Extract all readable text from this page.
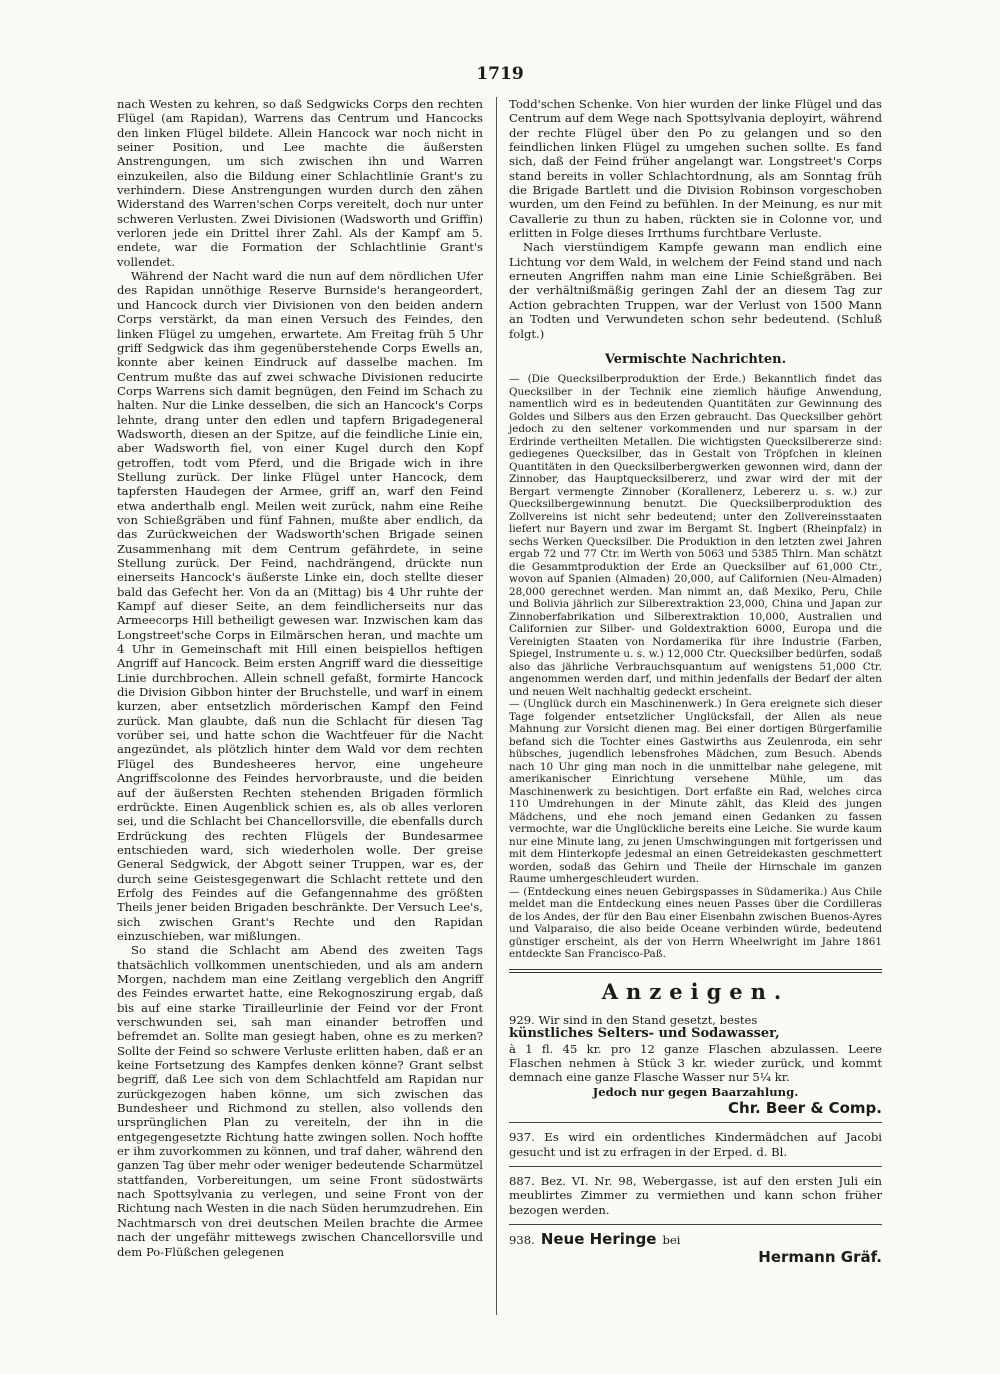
1719

nach Westen zu kehren, so daß Sedgwicks Corps den rechten Flügel (am Rapidan), Warrens das Centrum und Hancocks den linken Flügel bildete. Allein Hancock war noch nicht in seiner Position, und Lee machte die äußersten Anstrengungen, um sich zwischen ihn und Warren einzukeilen, also die Bildung einer Schlachtlinie Grant's zu verhindern. Diese Anstrengungen wurden durch den zähen Widerstand des Warren'schen Corps vereitelt, doch nur unter schweren Verlusten. Zwei Divisionen (Wadsworth und Griffin) verloren jede ein Drittel ihrer Zahl. Als der Kampf am 5. endete, war die Formation der Schlachtlinie Grant's vollendet.

Während der Nacht ward die nun auf dem nördlichen Ufer des Rapidan unnöthige Reserve Burnside's herangeordert, und Hancock durch vier Divisionen von den beiden andern Corps verstärkt, da man einen Versuch des Feindes, den linken Flügel zu umgehen, erwartete. Am Freitag früh 5 Uhr griff Sedgwick das ihm gegenüberstehende Corps Ewells an, konnte aber keinen Eindruck auf dasselbe machen. Im Centrum mußte das auf zwei schwache Divisionen reducirte Corps Warrens sich damit begnügen, den Feind im Schach zu halten. Nur die Linke desselben, die sich an Hancock's Corps lehnte, drang unter den edlen und tapfern Brigadegeneral Wadsworth, diesen an der Spitze, auf die feindliche Linie ein, aber Wadsworth fiel, von einer Kugel durch den Kopf getroffen, todt vom Pferd, und die Brigade wich in ihre Stellung zurück. Der linke Flügel unter Hancock, dem tapfersten Haudegen der Armee, griff an, warf den Feind etwa anderthalb engl. Meilen weit zurück, nahm eine Reihe von Schießgräben und fünf Fahnen, mußte aber endlich, da das Zurückweichen der Wadsworth'schen Brigade seinen Zusammenhang mit dem Centrum gefährdete, in seine Stellung zurück. Der Feind, nachdrängend, drückte nun einerseits Hancock's äußerste Linke ein, doch stellte dieser bald das Gefecht her. Von da an (Mittag) bis 4 Uhr ruhte der Kampf auf dieser Seite, an dem feindlicherseits nur das Armeecorps Hill betheiligt gewesen war. Inzwischen kam das Longstreet'sche Corps in Eilmärschen heran, und machte um 4 Uhr in Gemeinschaft mit Hill einen beispiellos heftigen Angriff auf Hancock. Beim ersten Angriff ward die diesseitige Linie durchbrochen. Allein schnell gefaßt, formirte Hancock die Division Gibbon hinter der Bruchstelle, und warf in einem kurzen, aber entsetzlich mörderischen Kampf den Feind zurück. Man glaubte, daß nun die Schlacht für diesen Tag vorüber sei, und hatte schon die Wachtfeuer für die Nacht angezündet, als plötzlich hinter dem Wald vor dem rechten Flügel des Bundesheeres hervor, eine ungeheure Angriffscolonne des Feindes hervorbrauste, und die beiden auf der äußersten Rechten stehenden Brigaden förmlich erdrückte. Einen Augenblick schien es, als ob alles verloren sei, und die Schlacht bei Chancellorsville, die ebenfalls durch Erdrückung des rechten Flügels der Bundesarmee entschieden ward, sich wiederholen wolle. Der greise General Sedgwick, der Abgott seiner Truppen, war es, der durch seine Geistesgegenwart die Schlacht rettete und den Erfolg des Feindes auf die Gefangennahme des größten Theils jener beiden Brigaden beschränkte. Der Versuch Lee's, sich zwischen Grant's Rechte und den Rapidan einzuschieben, war mißlungen.

So stand die Schlacht am Abend des zweiten Tags thatsächlich vollkommen unentschieden, und als am andern Morgen, nachdem man eine Zeitlang vergeblich den Angriff des Feindes erwartet hatte, eine Rekognoszirung ergab, daß bis auf eine starke Tirailleurlinie der Feind vor der Front verschwunden sei, sah man einander betroffen und befremdet an. Sollte man gesiegt haben, ohne es zu merken? Sollte der Feind so schwere Verluste erlitten haben, daß er an keine Fortsetzung des Kampfes denken könne? Grant selbst begriff, daß Lee sich von dem Schlachtfeld am Rapidan nur zurückgezogen haben könne, um sich zwischen das Bundesheer und Richmond zu stellen, also vollends den ursprünglichen Plan zu vereiteln, der ihn in die entgegengesetzte Richtung hatte zwingen sollen. Noch hoffte er ihm zuvorkommen zu können, und traf daher, während den ganzen Tag über mehr oder weniger bedeutende Scharmützel stattfanden, Vorbereitungen, um seine Front südostwärts nach Spottsylvania zu verlegen, und seine Front von der Richtung nach Westen in die nach Süden herumzudrehen. Ein Nachtmarsch von drei deutschen Meilen brachte die Armee nach der ungefähr mittewegs zwischen Chancellorsville und dem Po-Flüßchen gelegenen

Todd'schen Schenke. Von hier wurden der linke Flügel und das Centrum auf dem Wege nach Spottsylvania deployirt, während der rechte Flügel über den Po zu gelangen und so den feindlichen linken Flügel zu umgehen suchen sollte. Es fand sich, daß der Feind früher angelangt war. Longstreet's Corps stand bereits in voller Schlachtordnung, als am Sonntag früh die Brigade Bartlett und die Division Robinson vorgeschoben wurden, um den Feind zu befühlen. In der Meinung, es nur mit Cavallerie zu thun zu haben, rückten sie in Colonne vor, und erlitten in Folge dieses Irrthums furchtbare Verluste.

Nach vierstündigem Kampfe gewann man endlich eine Lichtung vor dem Wald, in welchem der Feind stand und nach erneuten Angriffen nahm man eine Linie Schießgräben. Bei der verhältnißmäßig geringen Zahl der an diesem Tag zur Action gebrachten Truppen, war der Verlust von 1500 Mann an Todten und Verwundeten schon sehr bedeutend. (Schluß folgt.)

Vermischte Nachrichten.

— (Die Quecksilberproduktion der Erde.) Bekanntlich findet das Quecksilber in der Technik eine ziemlich häufige Anwendung, namentlich wird es in bedeutenden Quantitäten zur Gewinnung des Goldes und Silbers aus den Erzen gebraucht. Das Quecksilber gehört jedoch zu den seltener vorkommenden und nur sparsam in der Erdrinde vertheilten Metallen. Die wichtigsten Quecksilbererze sind: gediegenes Quecksilber, das in Gestalt von Tröpfchen in kleinen Quantitäten in den Quecksilberbergwerken gewonnen wird, dann der Zinnober, das Hauptquecksilbererz, und zwar wird der mit der Bergart vermengte Zinnober (Korallenerz, Lebererz u. s. w.) zur Quecksilbergewinnung benutzt. Die Quecksilberproduktion des Zollvereins ist nicht sehr bedeutend; unter den Zollvereinsstaaten liefert nur Bayern und zwar im Bergamt St. Ingbert (Rheinpfalz) in sechs Werken Quecksilber. Die Produktion in den letzten zwei Jahren ergab 72 und 77 Ctr. im Werth von 5063 und 5385 Thlrn. Man schätzt die Gesammtproduktion der Erde an Quecksilber auf 61,000 Ctr., wovon auf Spanien (Almaden) 20,000, auf Californien (Neu-Almaden) 28,000 gerechnet werden. Man nimmt an, daß Mexiko, Peru, Chile und Bolivia jährlich zur Silberextraktion 23,000, China und Japan zur Zinnoberfabrikation und Silberextraktion 10,000, Australien und Californien zur Silber- und Goldextraktion 6000, Europa und die Vereinigten Staaten von Nordamerika für ihre Industrie (Farben, Spiegel, Instrumente u. s. w.) 12,000 Ctr. Quecksilber bedürfen, sodaß also das jährliche Verbrauchsquantum auf wenigstens 51,000 Ctr. angenommen werden darf, und mithin jedenfalls der Bedarf der alten und neuen Welt nachhaltig gedeckt erscheint.

— (Unglück durch ein Maschinenwerk.) In Gera ereignete sich dieser Tage folgender entsetzlicher Unglücksfall, der Allen als neue Mahnung zur Vorsicht dienen mag. Bei einer dortigen Bürgerfamilie befand sich die Tochter eines Gastwirths aus Zeulenroda, ein sehr hübsches, jugendlich lebensfrohes Mädchen, zum Besuch. Abends nach 10 Uhr ging man noch in die unmittelbar nahe gelegene, mit amerikanischer Einrichtung versehene Mühle, um das Maschinenwerk zu besichtigen. Dort erfaßte ein Rad, welches circa 110 Umdrehungen in der Minute zählt, das Kleid des jungen Mädchens, und ehe noch jemand einen Gedanken zu fassen vermochte, war die Unglückliche bereits eine Leiche. Sie wurde kaum nur eine Minute lang, zu jenen Umschwingungen mit fortgerissen und mit dem Hinterkopfe jedesmal an einen Getreidekasten geschmettert worden, sodaß das Gehirn und Theile der Hirnschale im ganzen Raume umhergeschleudert wurden.

— (Entdeckung eines neuen Gebirgspasses in Südamerika.) Aus Chile meldet man die Entdeckung eines neuen Passes über die Cordilleras de los Andes, der für den Bau einer Eisenbahn zwischen Buenos-Ayres und Valparaiso, die also beide Oceane verbinden würde, bedeutend günstiger erscheint, als der von Herrn Wheelwright im Jahre 1861 entdeckte San Francisco-Paß.

Anzeigen.
929. Wir sind in den Stand gesetzt, bestes
künstliches Selters- und Sodawasser,
à 1 fl. 45 kr. pro 12 ganze Flaschen abzulassen. Leere Flaschen nehmen à Stück 3 kr. wieder zurück, und kommt demnach eine ganze Flasche Wasser nur 5¼ kr.
Jedoch nur gegen Baarzahlung.
Chr. Beer & Comp.
937. Es wird ein ordentliches Kindermädchen auf Jacobi gesucht und ist zu erfragen in der Erped. d. Bl.
887. Bez. VI. Nr. 98, Webergasse, ist auf den ersten Juli ein meublirtes Zimmer zu vermiethen und kann schon früher bezogen werden.
938. Neue Heringe bei
Hermann Gräf.
